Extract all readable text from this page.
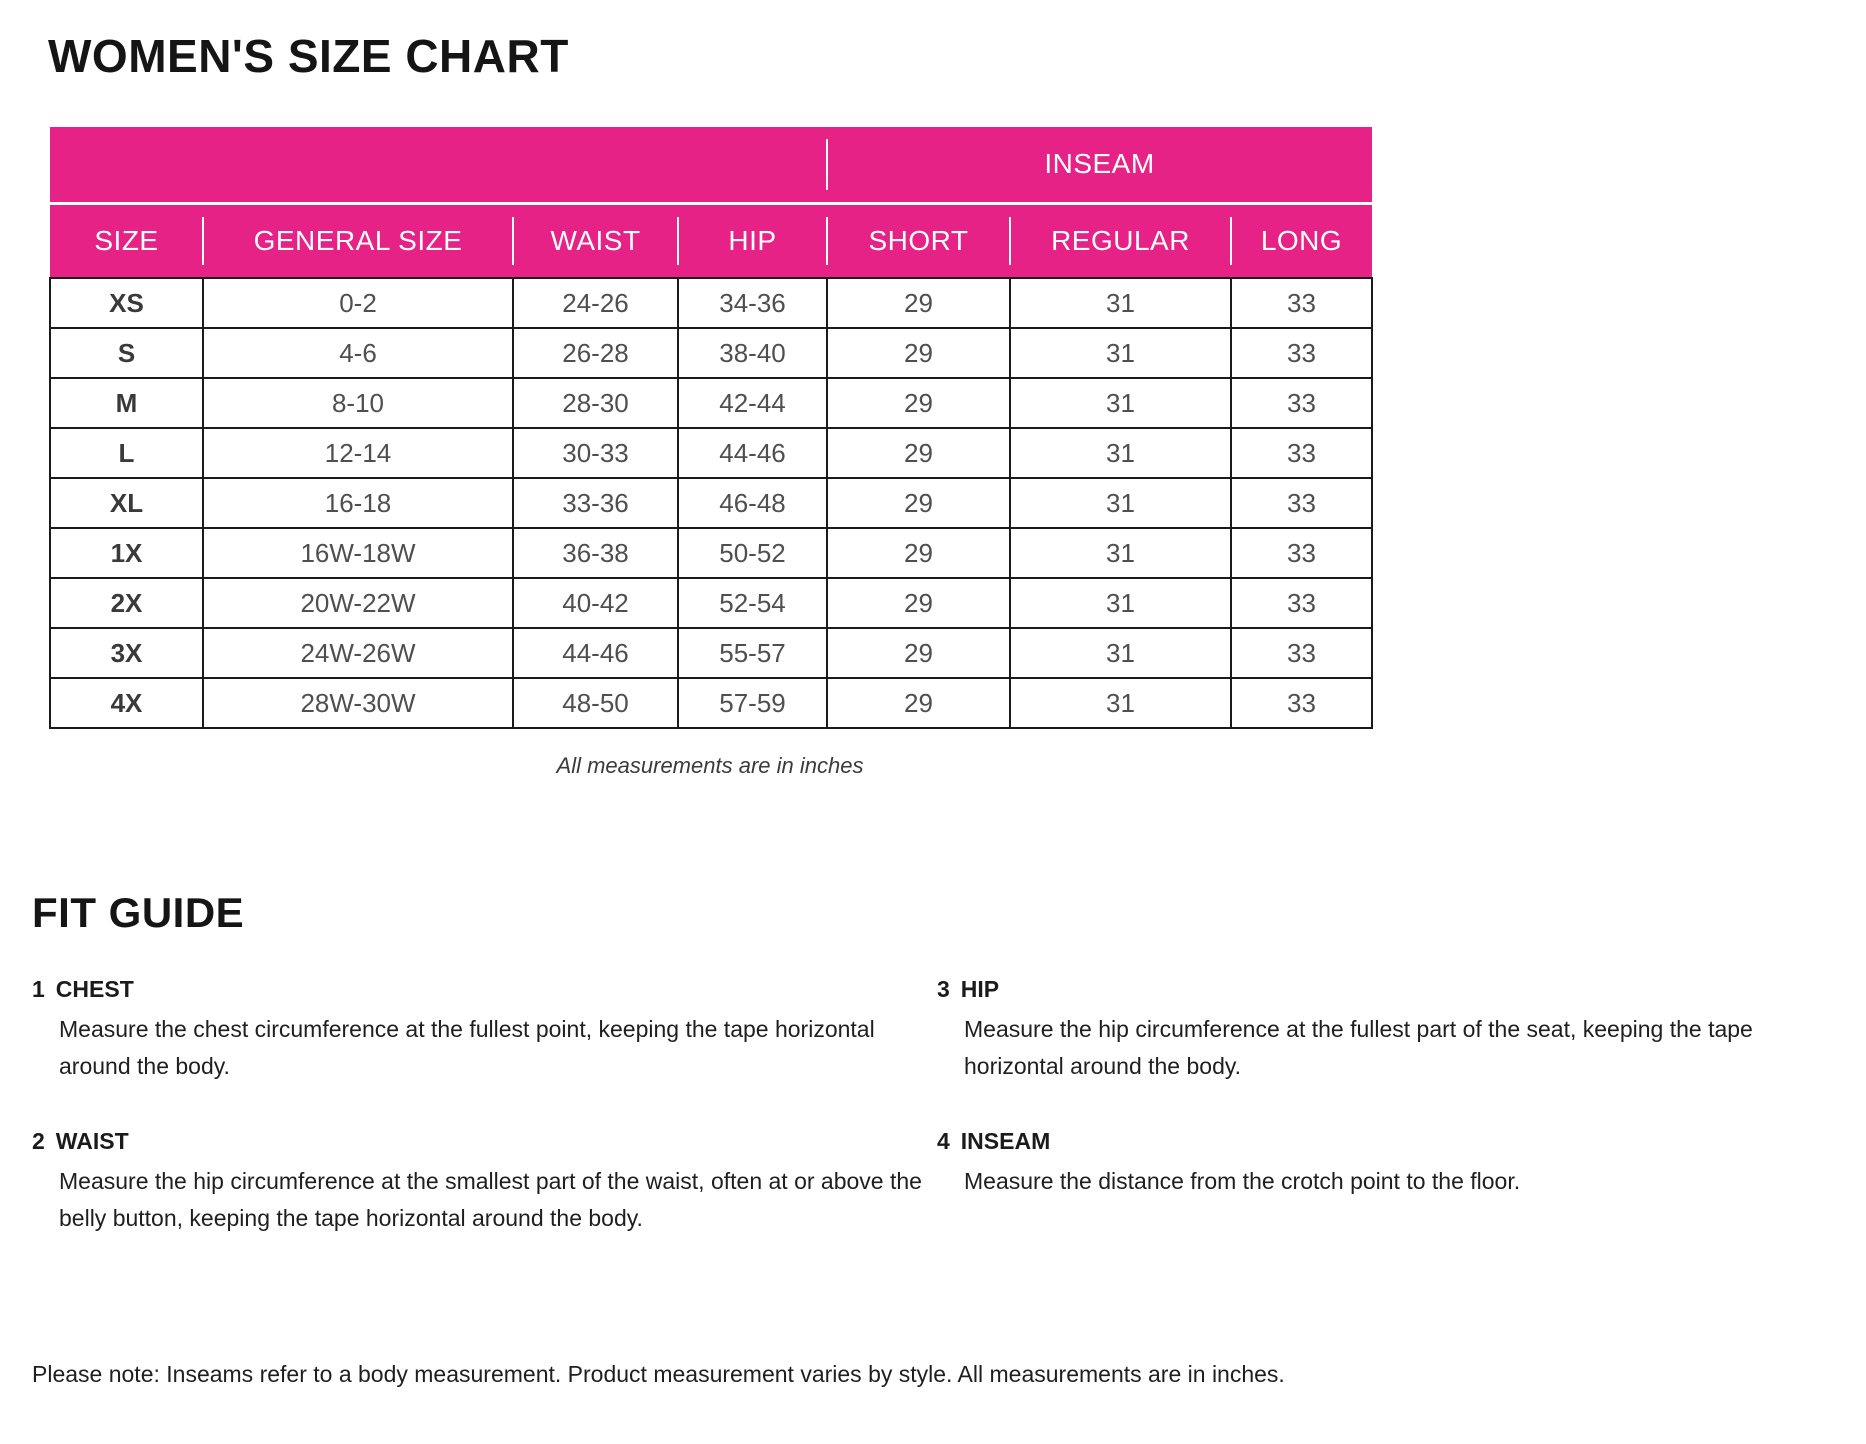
WOMEN'S SIZE CHART
				INSEAM		
SIZE	GENERAL SIZE	WAIST	HIP	SHORT	REGULAR	LONG
XS	0-2	24-26	34-36	29	31	33
S	4-6	26-28	38-40	29	31	33
M	8-10	28-30	42-44	29	31	33
L	12-14	30-33	44-46	29	31	33
XL	16-18	33-36	46-48	29	31	33
1X	16W-18W	36-38	50-52	29	31	33
2X	20W-22W	40-42	52-54	29	31	33
3X	24W-26W	44-46	55-57	29	31	33
4X	28W-30W	48-50	57-59	29	31	33
All measurements are in inches
FIT GUIDE
1 CHEST

Measure the chest circumference at the fullest point, keeping the tape horizontal around the body.

2 WAIST

Measure the hip circumference at the smallest part of the waist, often at or above the belly button, keeping the tape horizontal around the body.

3 HIP

Measure the hip circumference at the fullest part of the seat, keeping the tape horizontal around the body.

4 INSEAM

Measure the distance from the crotch point to the floor.

Please note: Inseams refer to a body measurement. Product measurement varies by style. All measurements are in inches.
